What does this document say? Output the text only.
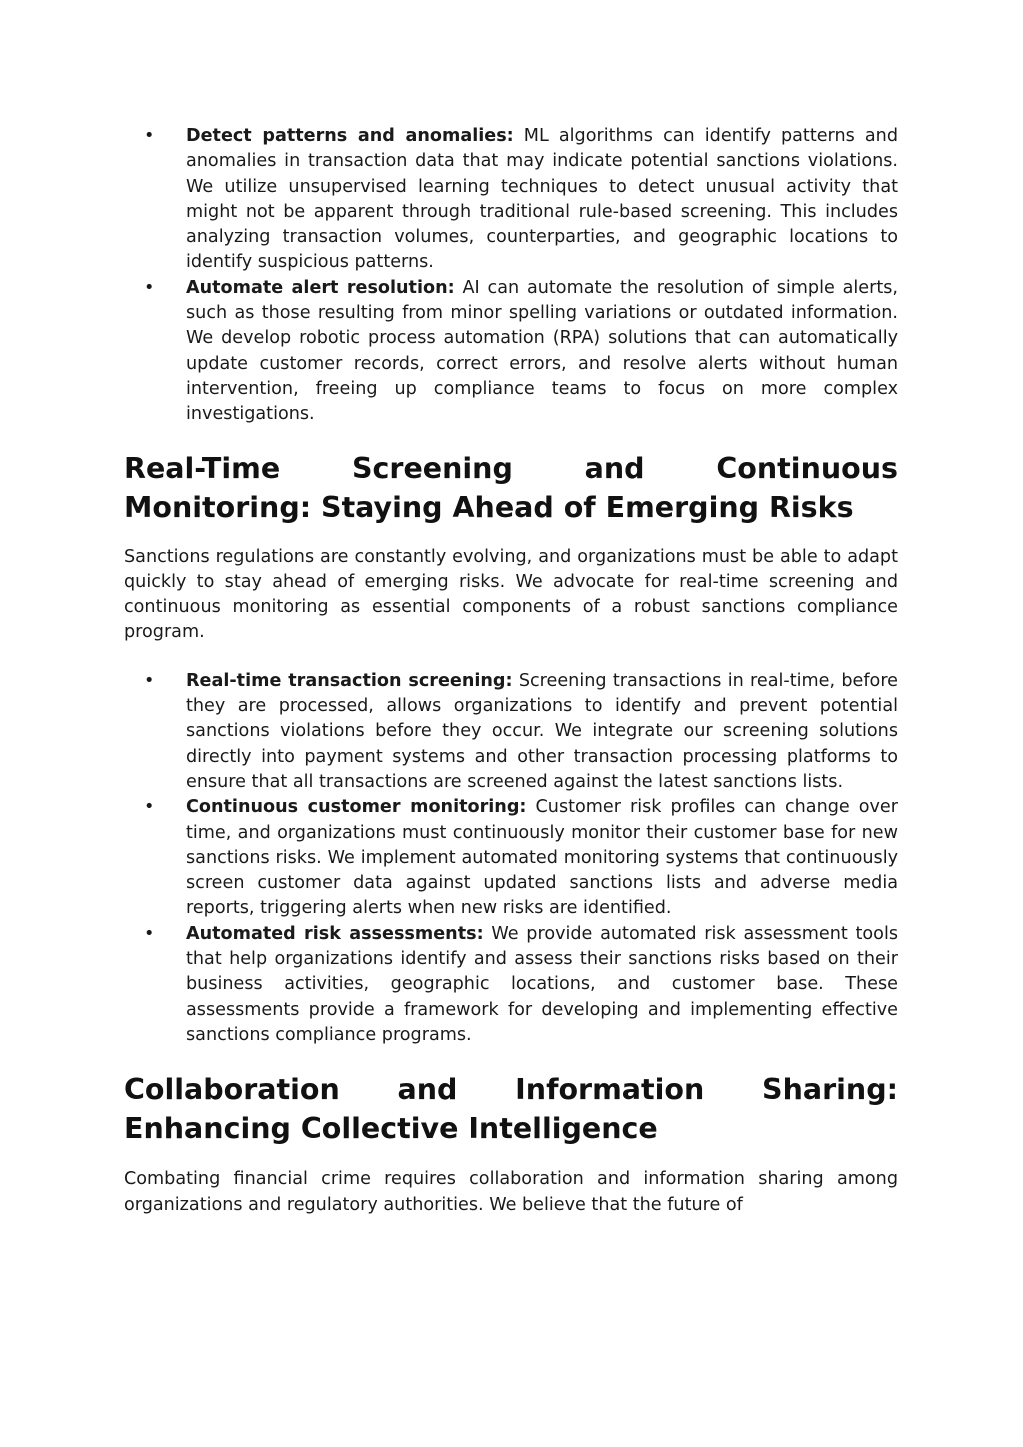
• Detect patterns and anomalies: ML algorithms can identify patterns and anomalies in transaction data that may indicate potential sanctions violations. We utilize unsupervised learning techniques to detect unusual activity that might not be apparent through traditional rule-based screening. This includes analyzing transaction volumes, counterparties, and geographic locations to identify suspicious patterns.
• Automate alert resolution: AI can automate the resolution of simple alerts, such as those resulting from minor spelling variations or outdated information. We develop robotic process automation (RPA) solutions that can automatically update customer records, correct errors, and resolve alerts without human intervention, freeing up compliance teams to focus on more complex investigations.
Real-Time Screening and Continuous Monitoring: Staying Ahead of Emerging Risks

Sanctions regulations are constantly evolving, and organizations must be able to adapt quickly to stay ahead of emerging risks. We advocate for real-time screening and continuous monitoring as essential components of a robust sanctions compliance program.

• Real-time transaction screening: Screening transactions in real-time, before they are processed, allows organizations to identify and prevent potential sanctions violations before they occur. We integrate our screening solutions directly into payment systems and other transaction processing platforms to ensure that all transactions are screened against the latest sanctions lists.
• Continuous customer monitoring: Customer risk profiles can change over time, and organizations must continuously monitor their customer base for new sanctions risks. We implement automated monitoring systems that continuously screen customer data against updated sanctions lists and adverse media reports, triggering alerts when new risks are identified.
• Automated risk assessments: We provide automated risk assessment tools that help organizations identify and assess their sanctions risks based on their business activities, geographic locations, and customer base. These assessments provide a framework for developing and implementing effective sanctions compliance programs.
Collaboration and Information Sharing: Enhancing Collective Intelligence

Combating financial crime requires collaboration and information sharing among organizations and regulatory authorities. We believe that the future of
